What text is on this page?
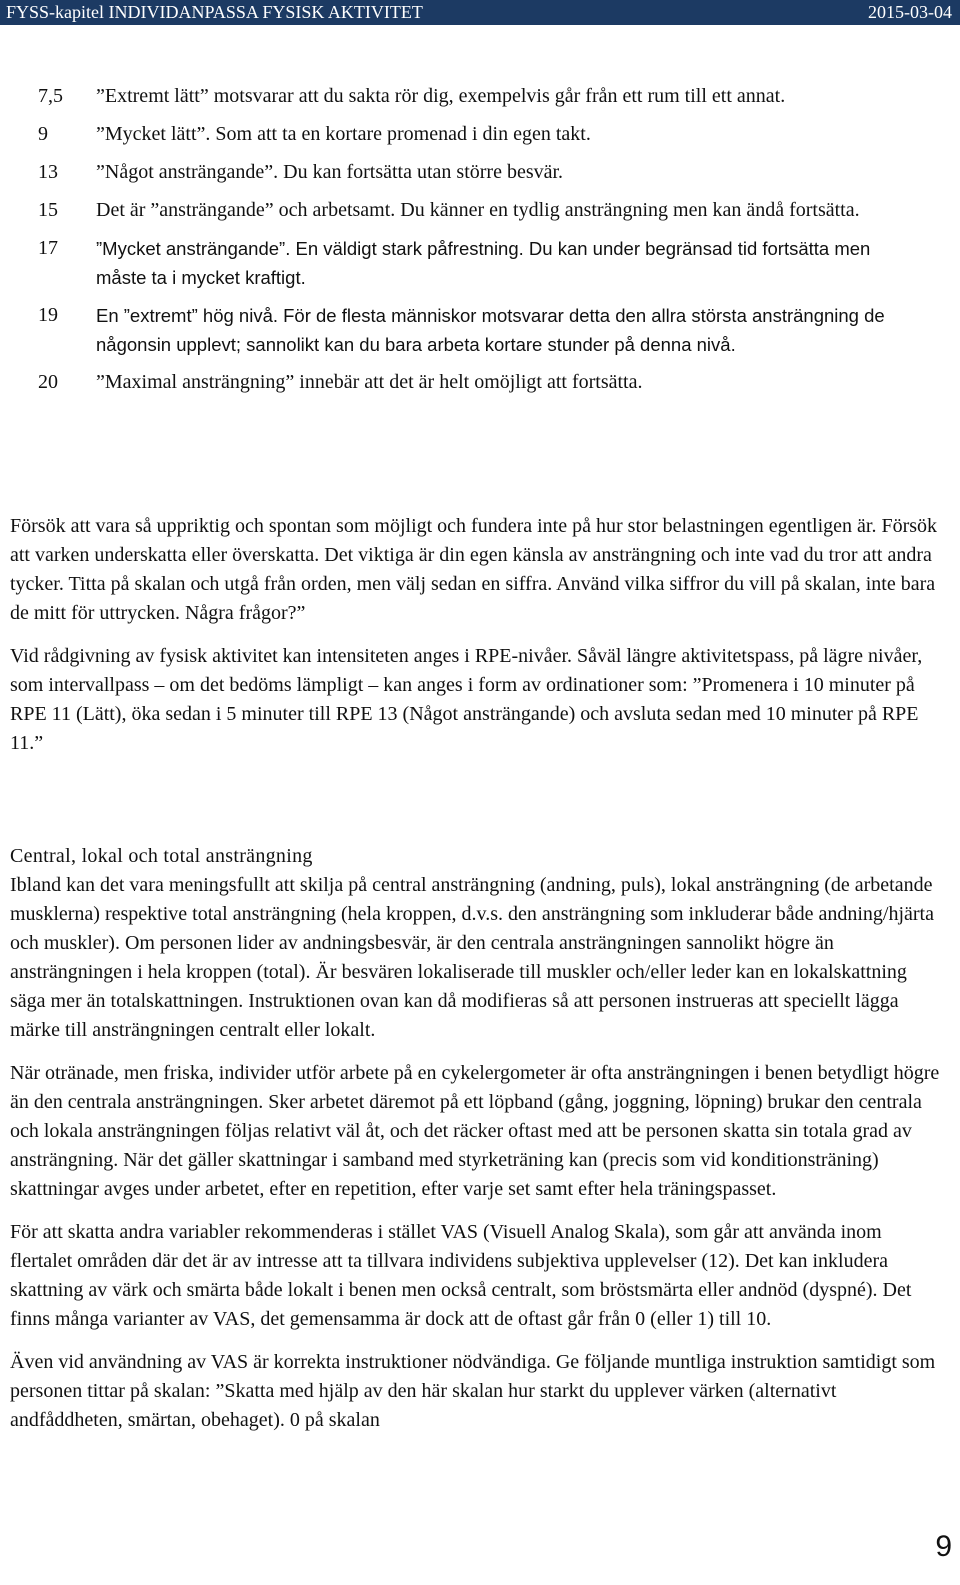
FYSS-kapitel INDIVIDANPASSA FYSISK AKTIVITET	2015-03-04
7,5	”Extremt lätt” motsvarar att du sakta rör dig, exempelvis går från ett rum till ett annat.
9	”Mycket lätt”. Som att ta en kortare promenad i din egen takt.
13	”Något ansträngande”. Du kan fortsätta utan större besvär.
15	Det är ”ansträngande” och arbetsamt. Du känner en tydlig ansträngning men kan ändå fortsätta.
17	”Mycket ansträngande”. En väldigt stark påfrestning. Du kan under begränsad tid fortsätta men måste ta i mycket kraftigt.
19	En ”extremt” hög nivå. För de flesta människor motsvarar detta den allra största ansträngning de någonsin upplevt; sannolikt kan du bara arbeta kortare stunder på denna nivå.
20	”Maximal ansträngning” innebär att det är helt omöjligt att fortsätta.

Försök att vara så uppriktig och spontan som möjligt och fundera inte på hur stor belastningen egentligen är. Försök att varken underskatta eller överskatta. Det viktiga är din egen känsla av ansträngning och inte vad du tror att andra tycker. Titta på skalan och utgå från orden, men välj sedan en siffra. Använd vilka siffror du vill på skalan, inte bara de mitt för uttrycken. Några frågor?”

Vid rådgivning av fysisk aktivitet kan intensiteten anges i RPE-nivåer. Såväl längre aktivitetspass, på lägre nivåer, som intervallpass – om det bedöms lämpligt – kan anges i form av ordinationer som: ”Promenera i 10 minuter på RPE 11 (Lätt), öka sedan i 5 minuter till RPE 13 (Något ansträngande) och avsluta sedan med 10 minuter på RPE 11.”

Central, lokal och total ansträngning

Ibland kan det vara meningsfullt att skilja på central ansträngning (andning, puls), lokal ansträngning (de arbetande musklerna) respektive total ansträngning (hela kroppen, d.v.s. den ansträngning som inkluderar både andning/hjärta och muskler). Om personen lider av andningsbesvär, är den centrala ansträngningen sannolikt högre än ansträngningen i hela kroppen (total). Är besvären lokaliserade till muskler och/eller leder kan en lokalskattning säga mer än totalskattningen. Instruktionen ovan kan då modifieras så att personen instrueras att speciellt lägga märke till ansträngningen centralt eller lokalt.

När otränade, men friska, individer utför arbete på en cykelergometer är ofta ansträngningen i benen betydligt högre än den centrala ansträngningen. Sker arbetet däremot på ett löpband (gång, joggning, löpning) brukar den centrala och lokala ansträngningen följas relativt väl åt, och det räcker oftast med att be personen skatta sin totala grad av ansträngning. När det gäller skattningar i samband med styrketräning kan (precis som vid konditionsträning) skattningar avges under arbetet, efter en repetition, efter varje set samt efter hela träningspasset.

För att skatta andra variabler rekommenderas i stället VAS (Visuell Analog Skala), som går att använda inom flertalet områden där det är av intresse att ta tillvara individens subjektiva upplevelser (12). Det kan inkludera skattning av värk och smärta både lokalt i benen men också centralt, som bröstsmärta eller andnöd (dyspné). Det finns många varianter av VAS, det gemensamma är dock att de oftast går från 0 (eller 1) till 10.

Även vid användning av VAS är korrekta instruktioner nödvändiga. Ge följande muntliga instruktion samtidigt som personen tittar på skalan: ”Skatta med hjälp av den här skalan hur starkt du upplever värken (alternativt andfåddheten, smärtan, obehaget). 0 på skalan

9
